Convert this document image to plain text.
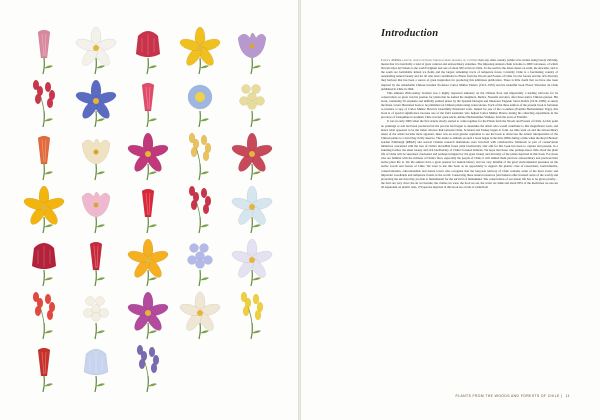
Introduction

Chile's 4329km length, which extends through more degrees of latitude than any other country (while at its widest being barely 240 km), means that it is inevitably a land of great contrast and extraordinary extremes. The imposing Andean chain is home to 2000 volcanoes, of which Nevado Ojos del Salado is the world's highest and one of about 500 active in Chile. To the north is the driest desert on earth, the Atacama, and to the south are formidable inland ice fields and the largest remaining tracts of temperate forest. Certainly Chile is a fascinating country of outstanding natural beauty and for all who have contributed to Plants from the Woods and Forests of Chile it is the forests and the rich diversity they harbour that has been a source of great inspiration for producing this ambitious publication. There is little doubt that we have also been inspired by the remarkable Chilean botanist Professor Carlos Muñoz Pizarro (1913–1976) and his beautiful book Flores Silvestres de Chile published in Chile in 1966.

This eminent 20th-century botanist was a highly respected authority on the Chilean flora and importantly a leading advocate for its conservation; so great was his passion for plants that he named his daughters, Melica, Nassella and Aira, after three native Chilean grasses. His book, containing 50 exquisite and skilfully painted plates by the Spanish biologist and illustrator Eugenio Sierra Ráfols (1919–1999), is surely the finest colour illustrated book to be published on Chilean plants using watercolours. Each of the three authors of the present book is fortunate to treasure a copy of Carlos Muñoz Pizarro's beautifully illustrated work. Indeed for one of the co-authors (Paulina Hechenleitner Vega), this book is of special significance because one of the field assistants who helped Carlos Muñoz Pizarro during his collecting expeditions in the province of Llanquihue in southern Chile was her great-uncle, Albino Hechenleitner Winkler, from the town of Frutillar.

It was in early 2006 when the first stands slowly started to come together for the Plants from the Woods and Forests of Chile. At this point no paintings or text had been produced but the process had begun to determine the artists who would contribute to this magnificent work, and hence what appeared to be the rather obscure link between Chile, Scotland and Turkey began to form. As time went on and the extraordinary talent of the artists became more apparent, there was an even greater aspiration to see the book to showcase the artistic interpretation of the Chilean plants to a level they richly deserve. The desire to embark on such a book began in the mid-1990s during a time when the Royal Botanic Garden Edinburgh (RBGE) and several Chilean research institutions were involved with collaborative fieldwork as part of conservation initiatives concerned with the loss of Chile's incredible forest plant biodiversity. Our aim for this book has been to capture and present, in a stunning format, the sheer beauty and rich biodiversity of Chile's forested habitats. We hope that those who perhaps know little about the plant life of Chile will be surprised, fascinated and perhaps intrigued by the great beauty and diversity of the plants depicted in this book. For those who are familiar with the richness of Chile's flora, especially the people of Chile, it will remind them just how extraordinary and precious their native plant life is. We the authors have a great passion for natural history and are very mindful of the great environmental pressures on the native woods and forests of Chile. We want to use this book as an opportunity to support the plantsc cries of researchers, horticulturists, conservationists, educationalists and nature lovers who recognise that the long-lost territory of Chile contains some of the most iconic and important woodlands and temperate forests in the world. Conserving these natural resources (and indeed other forested areas of the world) and protecting the services they provide is fundamental for the survival of humankind. The conservation of our planet life has to be given priority – the facts are very clear: the air we breathe, the clothes we wear, the food we eat, the water we drink and about 80% of the medicines we use are all dependent on plants! Alas, 270 species depicted in this book are at risk of extinction!

PLANTS FROM THE WOODS AND FORESTS OF CHILE | 11
